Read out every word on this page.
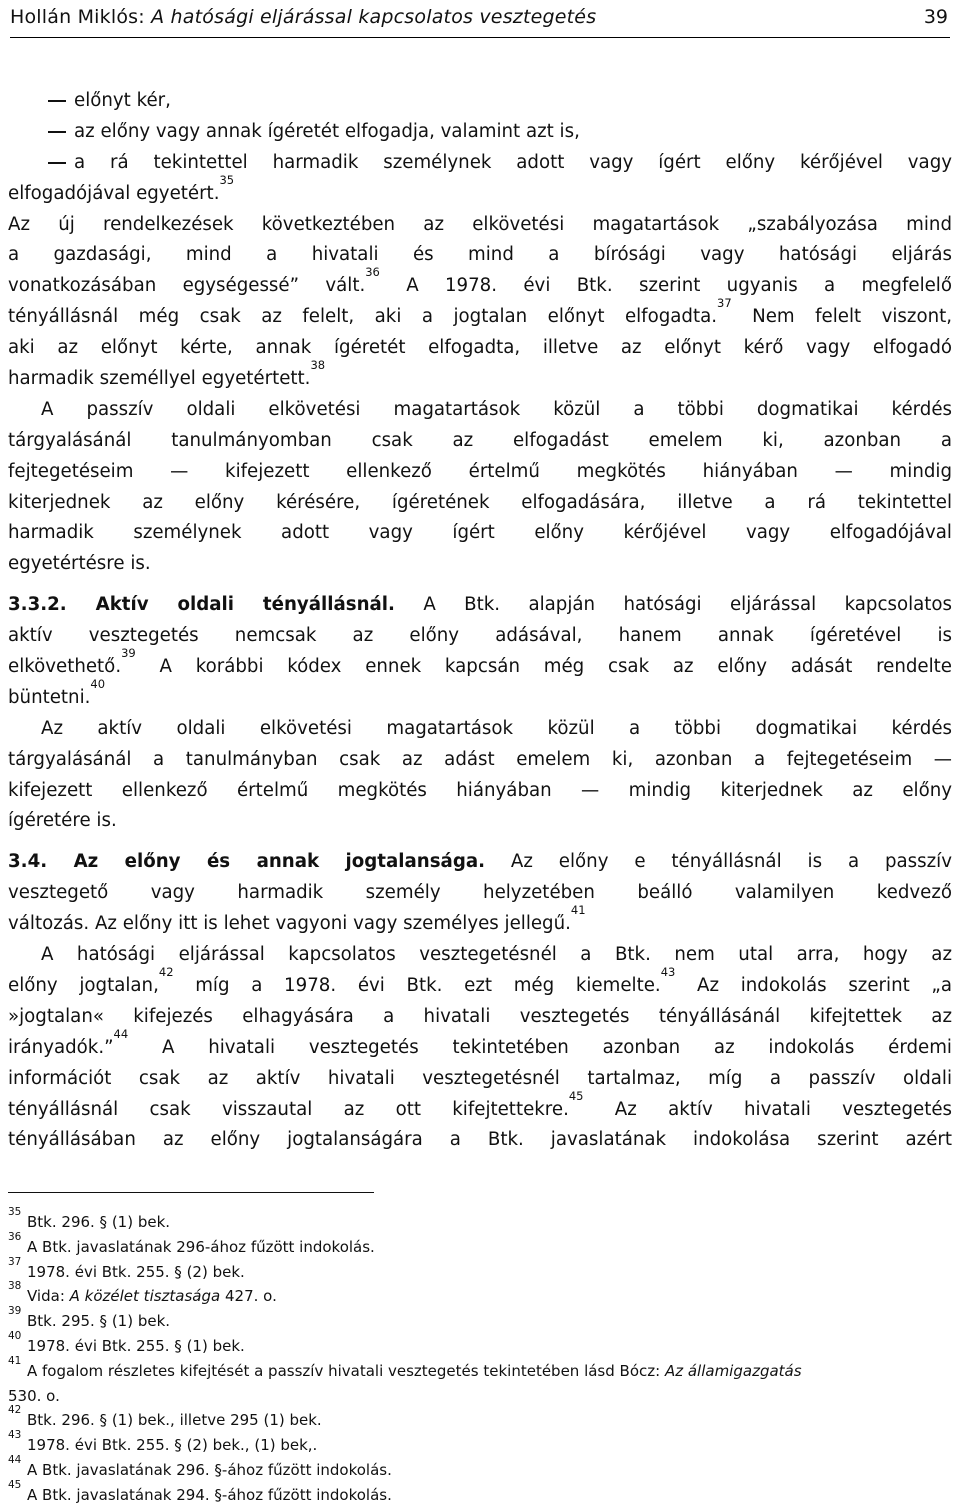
Hollán Miklós: A hatósági eljárással kapcsolatos vesztegetés	39
előnyt kér,
az előny vagy annak ígéretét elfogadja, valamint azt is,
a rá tekintettel harmadik személynek adott vagy ígért előny kérőjével vagy
elfogadójával egyetért.$^{35}$
Az új rendelkezések következtében az elkövetési magatartások „szabályozása mind
a gazdasági, mind a hivatali és mind a bírósági vagy hatósági eljárás
vonatkozásában egységessé” vált.$^{36}$ A 1978. évi Btk. szerint ugyanis a megfelelő
tényállásnál még csak az felelt, aki a jogtalan előnyt elfogadta.$^{37}$ Nem felelt viszont,
aki az előnyt kérte, annak ígéretét elfogadta, illetve az előnyt kérő vagy elfogadó
harmadik személlyel egyetértett.$^{38}$
A passzív oldali elkövetési magatartások közül a többi dogmatikai kérdés
tárgyalásánál tanulmányomban csak az elfogadást emelem ki, azonban a
fejtegetéseim — kifejezett ellenkező értelmű megkötés hiányában — mindig
kiterjednek az előny kérésére, ígéretének elfogadására, illetve a rá tekintettel
harmadik személynek adott vagy ígért előny kérőjével vagy elfogadójával
egyetértésre is.
3.3.2. Aktív oldali tényállásnál. A Btk. alapján hatósági eljárással kapcsolatos
aktív vesztegetés nemcsak az előny adásával, hanem annak ígéretével is
elkövethető.$^{39}$ A korábbi kódex ennek kapcsán még csak az előny adását rendelte
büntetni.$^{40}$
Az aktív oldali elkövetési magatartások közül a többi dogmatikai kérdés
tárgyalásánál a tanulmányban csak az adást emelem ki, azonban a fejtegetéseim —
kifejezett ellenkező értelmű megkötés hiányában — mindig kiterjednek az előny
ígéretére is.
3.4. Az előny és annak jogtalansága. Az előny e tényállásnál is a passzív
vesztegető vagy harmadik személy helyzetében beálló valamilyen kedvező
változás. Az előny itt is lehet vagyoni vagy személyes jellegű.$^{41}$
A hatósági eljárással kapcsolatos vesztegetésnél a Btk. nem utal arra, hogy az
előny jogtalan,$^{42}$ míg a 1978. évi Btk. ezt még kiemelte.$^{43}$ Az indokolás szerint „a
»jogtalan« kifejezés elhagyására a hivatali vesztegetés tényállásánál kifejtettek az
irányadók.”$^{44}$ A hivatali vesztegetés tekintetében azonban az indokolás érdemi
információt csak az aktív hivatali vesztegetésnél tartalmaz, míg a passzív oldali
tényállásnál csak visszautal az ott kifejtettekre.$^{45}$ Az aktív hivatali vesztegetés
tényállásában az előny jogtalanságára a Btk. javaslatának indokolása szerint azért
$^{35}$Btk. 296. § (1) bek.
$^{36}$A Btk. javaslatának 296-ához fűzött indokolás.
$^{37}$1978. évi Btk. 255. § (2) bek.
$^{38}$Vida: A közélet tisztasága 427. o.
$^{39}$Btk. 295. § (1) bek.
$^{40}$1978. évi Btk. 255. § (1) bek.
$^{41}$A fogalom részletes kifejtését a passzív hivatali vesztegetés tekintetében lásd Bócz: Az államigazgatás
530. o.
$^{42}$Btk. 296. § (1) bek., illetve 295 (1) bek.
$^{43}$1978. évi Btk. 255. § (2) bek., (1) bek,.
$^{44}$A Btk. javaslatának 296. §-ához fűzött indokolás.
$^{45}$A Btk. javaslatának 294. §-ához fűzött indokolás.
